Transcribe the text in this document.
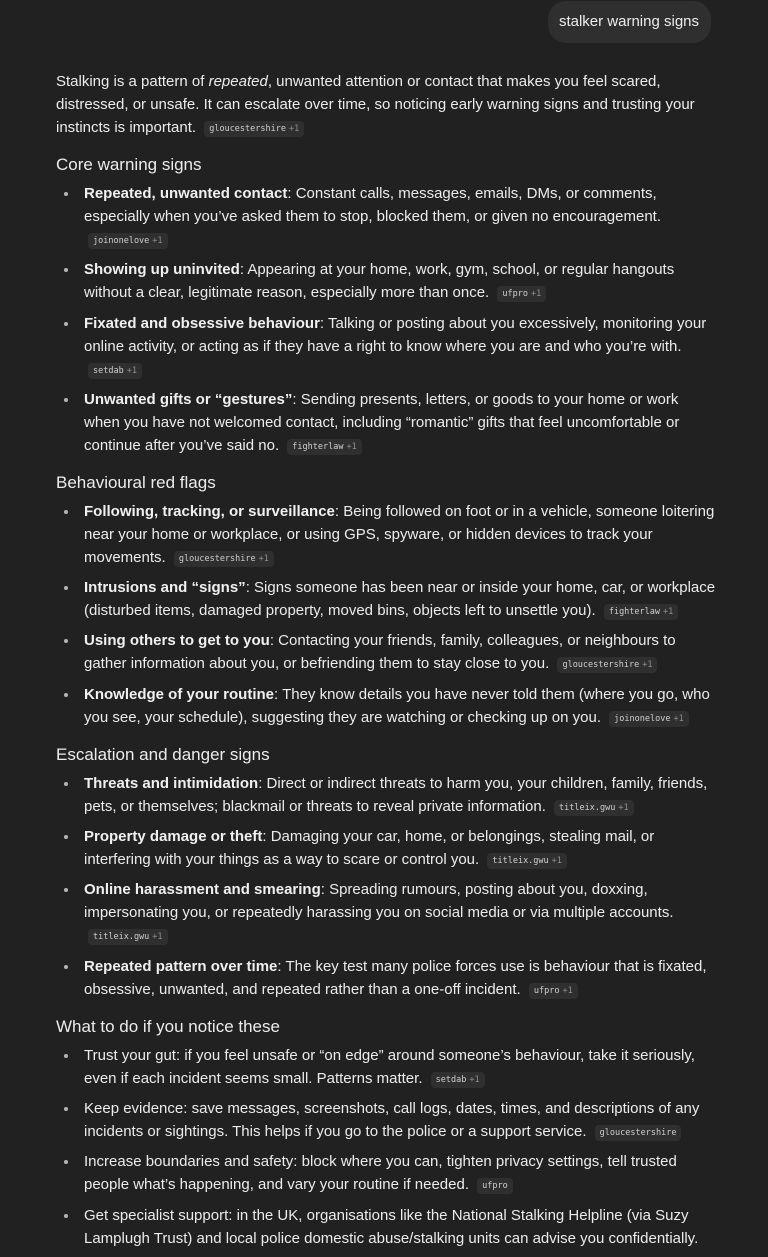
stalker warning signs

Stalking is a pattern of repeated, unwanted attention or contact that makes you feel scared, distressed, or unsafe. It can escalate over time, so noticing early warning signs and trusting your instincts is important. gloucestershire +1

Core warning signs
Repeated, unwanted contact: Constant calls, messages, emails, DMs, or comments, especially when you’ve asked them to stop, blocked them, or given no encouragement. joinonelove +1
Showing up uninvited: Appearing at your home, work, gym, school, or regular hangouts without a clear, legitimate reason, especially more than once. ufpro +1
Fixated and obsessive behaviour: Talking or posting about you excessively, monitoring your online activity, or acting as if they have a right to know where you are and who you’re with. setdab +1
Unwanted gifts or “gestures”: Sending presents, letters, or goods to your home or work when you have not welcomed contact, including “romantic” gifts that feel uncomfortable or continue after you’ve said no. fighterlaw +1
Behavioural red flags
Following, tracking, or surveillance: Being followed on foot or in a vehicle, someone loitering near your home or workplace, or using GPS, spyware, or hidden devices to track your movements. gloucestershire +1
Intrusions and “signs”: Signs someone has been near or inside your home, car, or workplace (disturbed items, damaged property, moved bins, objects left to unsettle you). fighterlaw +1
Using others to get to you: Contacting your friends, family, colleagues, or neighbours to gather information about you, or befriending them to stay close to you. gloucestershire +1
Knowledge of your routine: They know details you have never told them (where you go, who you see, your schedule), suggesting they are watching or checking up on you. joinonelove +1
Escalation and danger signs
Threats and intimidation: Direct or indirect threats to harm you, your children, family, friends, pets, or themselves; blackmail or threats to reveal private information. titleix.gwu +1
Property damage or theft: Damaging your car, home, or belongings, stealing mail, or interfering with your things as a way to scare or control you. titleix.gwu +1
Online harassment and smearing: Spreading rumours, posting about you, doxxing, impersonating you, or repeatedly harassing you on social media or via multiple accounts. titleix.gwu +1
Repeated pattern over time: The key test many police forces use is behaviour that is fixated, obsessive, unwanted, and repeated rather than a one-off incident. ufpro +1
What to do if you notice these
Trust your gut: if you feel unsafe or “on edge” around someone’s behaviour, take it seriously, even if each incident seems small. Patterns matter. setdab +1
Keep evidence: save messages, screenshots, call logs, dates, times, and descriptions of any incidents or sightings. This helps if you go to the police or a support service. gloucestershire
Increase boundaries and safety: block where you can, tighten privacy settings, tell trusted people what’s happening, and vary your routine if needed. ufpro
Get specialist support: in the UK, organisations like the National Stalking Helpline (via Suzy Lamplugh Trust) and local police domestic abuse/stalking units can advise you confidentially.
